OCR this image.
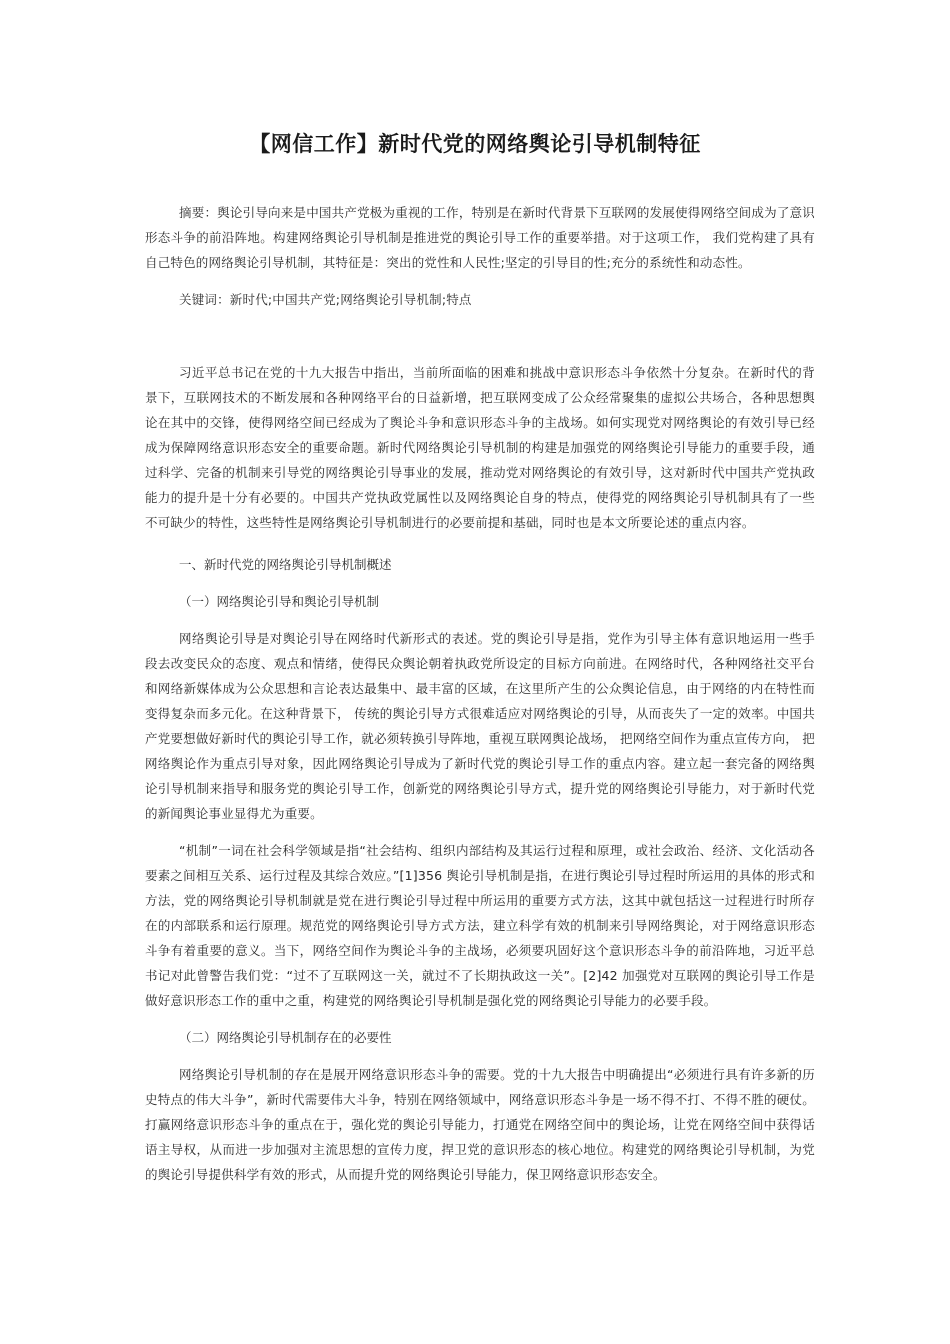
【网信工作】新时代党的网络舆论引导机制特征

摘要：舆论引导向来是中国共产党极为重视的工作，特别是在新时代背景下互联网的发展使得网络空间成为了意识形态斗争的前沿阵地。构建网络舆论引导机制是推进党的舆论引导工作的重要举措。对于这项工作， 我们党构建了具有自己特色的网络舆论引导机制，其特征是：突出的党性和人民性;坚定的引导目的性;充分的系统性和动态性。

关键词：新时代;中国共产党;网络舆论引导机制;特点

习近平总书记在党的十九大报告中指出，当前所面临的困难和挑战中意识形态斗争依然十分复杂。在新时代的背 景下，互联网技术的不断发展和各种网络平台的日益新增，把互联网变成了公众经常聚集的虚拟公共场合，各种思想舆 论在其中的交锋，使得网络空间已经成为了舆论斗争和意识形态斗争的主战场。如何实现党对网络舆论的有效引导已经 成为保障网络意识形态安全的重要命题。新时代网络舆论引导机制的构建是加强党的网络舆论引导能力的重要手段，通过科学、完备的机制来引导党的网络舆论引导事业的发展，推动党对网络舆论的有效引导，这对新时代中国共产党执政能力的提升是十分有必要的。中国共产党执政党属性以及网络舆论自身的特点，使得党的网络舆论引导机制具有了一些 不可缺少的特性，这些特性是网络舆论引导机制进行的必要前提和基础，同时也是本文所要论述的重点内容。

一、新时代党的网络舆论引导机制概述

（一）网络舆论引导和舆论引导机制

网络舆论引导是对舆论引导在网络时代新形式的表述。党的舆论引导是指，党作为引导主体有意识地运用一些手 段去改变民众的态度、观点和情绪，使得民众舆论朝着执政党所设定的目标方向前进。在网络时代，各种网络社交平台和网络新媒体成为公众思想和言论表达最集中、最丰富的区域，在这里所产生的公众舆论信息，由于网络的内在特性而变得复杂而多元化。在这种背景下， 传统的舆论引导方式很难适应对网络舆论的引导，从而丧失了一定的效率。中国共产党要想做好新时代的舆论引导工作，就必须转换引导阵地，重视互联网舆论战场， 把网络空间作为重点宣传方向， 把网络舆论作为重点引导对象，因此网络舆论引导成为了新时代党的舆论引导工作的重点内容。建立起一套完备的网络舆论引导机制来指导和服务党的舆论引导工作，创新党的网络舆论引导方式，提升党的网络舆论引导能力，对于新时代党的新闻舆论事业显得尤为重要。

“机制”一词在社会科学领域是指“社会结构、组织内部结构及其运行过程和原理，或社会政治、经济、文化活动各要素之间相互关系、运行过程及其综合效应。”[1]356 舆论引导机制是指，在进行舆论引导过程时所运用的具体的形式和方法，党的网络舆论引导机制就是党在进行舆论引导过程中所运用的重要方式方法，这其中就包括这一过程进行时所存 在的内部联系和运行原理。规范党的网络舆论引导方式方法，建立科学有效的机制来引导网络舆论，对于网络意识形态斗争有着重要的意义。当下，网络空间作为舆论斗争的主战场，必须要巩固好这个意识形态斗争的前沿阵地，习近平总书记对此曾警告我们党：“过不了互联网这一关，就过不了长期执政这一关”。[2]42 加强党对互联网的舆论引导工作是做好意识形态工作的重中之重，构建党的网络舆论引导机制是强化党的网络舆论引导能力的必要手段。

（二）网络舆论引导机制存在的必要性

网络舆论引导机制的存在是展开网络意识形态斗争的需要。党的十九大报告中明确提出“必须进行具有许多新的历史特点的伟大斗争”，新时代需要伟大斗争，特别在网络领域中，网络意识形态斗争是一场不得不打、不得不胜的硬仗。打赢网络意识形态斗争的重点在于，强化党的舆论引导能力，打通党在网络空间中的舆论场，让党在网络空间中获得话语主导权，从而进一步加强对主流思想的宣传力度，捍卫党的意识形态的核心地位。构建党的网络舆论引导机制，为党的舆论引导提供科学有效的形式，从而提升党的网络舆论引导能力，保卫网络意识形态安全。
